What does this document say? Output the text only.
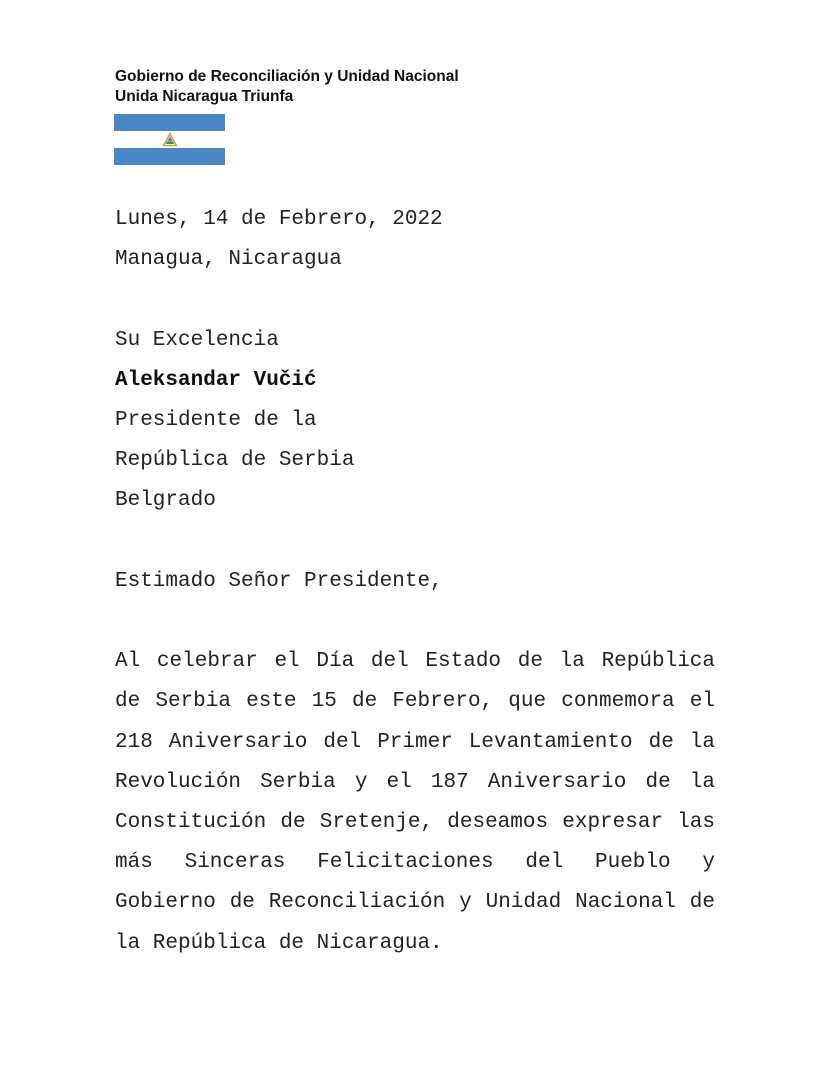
Gobierno de Reconciliación y Unidad Nacional
Unida Nicaragua Triunfa

Lunes, 14 de Febrero, 2022

Managua, Nicaragua

Su Excelencia

Aleksandar Vučić

Presidente de la

República de Serbia

Belgrado

Estimado Señor Presidente,

Al celebrar el Día del Estado de la República de Serbia este 15 de Febrero, que conmemora el 218 Aniversario del Primer Levantamiento de la Revolución Serbia y el 187 Aniversario de la Constitución de Sretenje, deseamos expresar las más Sinceras Felicitaciones del Pueblo y Gobierno de Reconciliación y Unidad Nacional de la República de Nicaragua.
